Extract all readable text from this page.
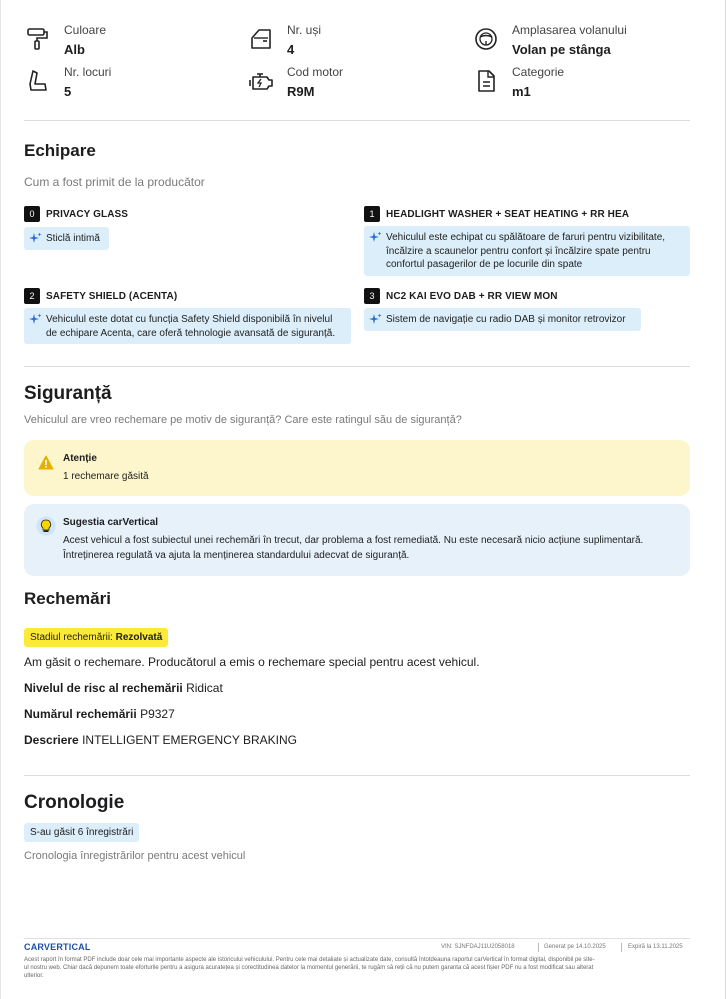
Culoare
Alb
Nr. uși
4
Amplasarea volanului
Volan pe stânga
Nr. locuri
5
Cod motor
R9M
Categorie
m1
Echipare
Cum a fost primit de la producător
0	PRIVACY GLASS
Sticlă intimă
1	HEADLIGHT WASHER + SEAT HEATING + RR HEA
Vehiculul este echipat cu spălătoare de faruri pentru vizibilitate, încălzire a scaunelor pentru confort și încălzire spate pentru confortul pasagerilor de pe locurile din spate
2	SAFETY SHIELD (ACENTA)
Vehiculul este dotat cu funcția Safety Shield disponibilă în nivelul de echipare Acenta, care oferă tehnologie avansată de siguranță.
3	NC2 KAI EVO DAB + RR VIEW MON
Sistem de navigație cu radio DAB și monitor retrovizor
Siguranță
Vehiculul are vreo rechemare pe motiv de siguranță? Care este ratingul său de siguranță?
Atenție
1 rechemare găsită
Sugestia carVertical
Acest vehicul a fost subiectul unei rechemări în trecut, dar problema a fost remediată. Nu este necesară nicio acțiune suplimentară.
Întreținerea regulată va ajuta la menținerea standardului adecvat de siguranță.
Rechemări
Stadiul rechemării: Rezolvată
Am găsit o rechemare. Producătorul a emis o rechemare special pentru acest vehicul.
Nivelul de risc al rechemării Ridicat
Numărul rechemării P9327
Descriere INTELLIGENT EMERGENCY BRAKING
Cronologie
S-au găsit 6 înregistrări
Cronologia înregistrărilor pentru acest vehicul
CARVERTICAL	VIN: SJNFDAJ11U2058018	Generat pe 14.10.2025	Expiră la 13.11.2025
Acest raport în format PDF include doar cele mai importante aspecte ale istoricului vehiculului. Pentru cele mai detaliate și actualizate date, consultă întotdeauna raportul carVertical în format digital, disponibil pe site-
ul nostru web. Chiar dacă depunem toate eforturile pentru a asigura acuratețea și corectitudinea datelor la momentul generării, te rugăm să reții că nu putem garanta că acest fișier PDF nu a fost modificat sau alterat
ulterior.
